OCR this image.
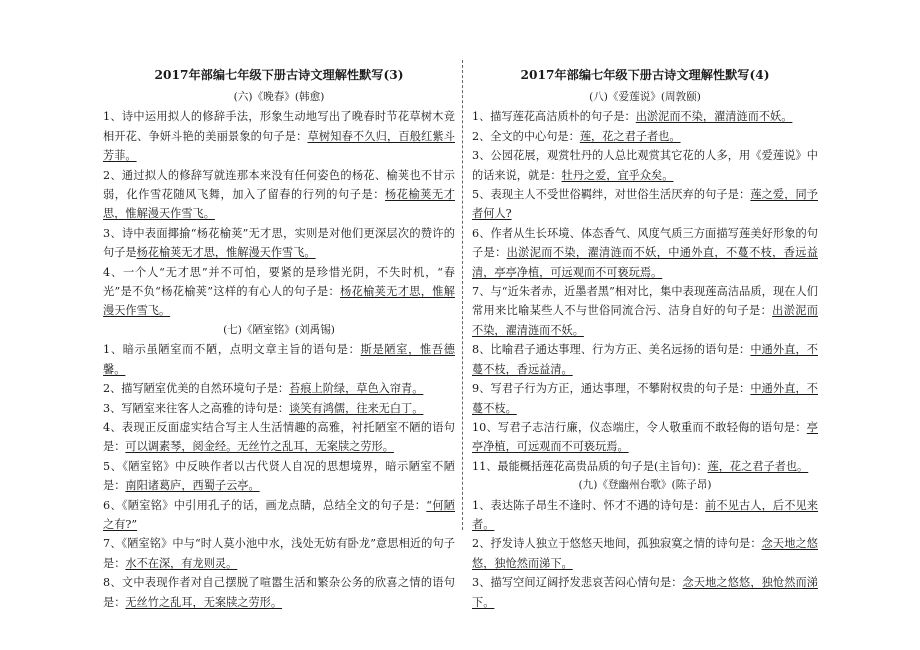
2017年部编七年级下册古诗文理解性默写(3)

(六)《晚春》(韩愈)

1、诗中运用拟人的修辞手法，形象生动地写出了晚春时节花草树木竞相开花、争妍斗艳的美丽景象的句子是：草树知春不久归，百般红紫斗芳菲。

2、通过拟人的修辞写就连那本来没有任何姿色的杨花、榆荚也不甘示弱，化作雪花随风飞舞，加入了留春的行列的句子是：杨花榆荚无才思，惟解漫天作雪飞。

3、诗中表面揶揄“杨花榆荚”无才思，实则是对他们更深层次的赞许的句子是杨花榆荚无才思，惟解漫天作雪飞。

4、一个人“无才思”并不可怕，要紧的是珍惜光阴，不失时机，“春光”是不负“杨花榆荚”这样的有心人的句子是：杨花榆荚无才思，惟解漫天作雪飞。

(七)《陋室铭》(刘禹锡)

1、暗示虽陋室而不陋，点明文章主旨的语句是：斯是陋室，惟吾德馨。

2、描写陋室优美的自然环境句子是：苔痕上阶绿，草色入帘青。

3、写陋室来往客人之高雅的诗句是：谈笑有鸿儒，往来无白丁。

4、表现正反面虚实结合写主人生活情趣的高雅，衬托陋室不陋的语句是：可以调素琴，阅金经。无丝竹之乱耳，无案牍之劳形。

5、《陋室铭》中反映作者以古代贤人自况的思想境界，暗示陋室不陋是：南阳诸葛庐，西蜀子云亭。

6、《陋室铭》中引用孔子的话，画龙点睛，总结全文的句子是：“何陋之有?”

7、《陋室铭》中与“时人莫小池中水，浅处无妨有卧龙”意思相近的句子是：水不在深，有龙则灵。

8、文中表现作者对自己摆脱了喧嚣生活和繁杂公务的欣喜之情的语句是：无丝竹之乱耳，无案牍之劳形。

2017年部编七年级下册古诗文理解性默写(4)

(八)《爱莲说》(周敦颐)

1、描写莲花高洁质朴的句子是：出淤泥而不染，濯清涟而不妖。

2、全文的中心句是：莲，花之君子者也。

3、公园花展，观赏牡丹的人总比观赏其它花的人多，用《爱莲说》中的话来说，就是：牡丹之爱，宜乎众矣。

5、表现主人不受世俗羁绊，对世俗生活厌弃的句子是：莲之爱，同予者何人?

6、作者从生长环境、体态香气、风度气质三方面描写莲美好形象的句子是：出淤泥而不染，濯清涟而不妖，中通外直，不蔓不枝，香远益清，亭亭净植，可远观而不可亵玩焉。

7、与“近朱者赤，近墨者黑”相对比，集中表现莲高洁品质，现在人们常用来比喻某些人不与世俗同流合污、洁身自好的句子是：出淤泥而不染，濯清涟而不妖。

8、比喻君子通达事理、行为方正、美名远扬的语句是：中通外直，不蔓不枝，香远益清。

9、写君子行为方正，通达事理，不攀附权贵的句子是：中通外直，不蔓不枝。

10、写君子志洁行廉，仪态端庄，令人敬重而不敢轻侮的语句是：亭亭净植，可远观而不可亵玩焉。

11、最能概括莲花高贵品质的句子是(主旨句)：莲，花之君子者也。

(九)《登幽州台歌》(陈子昂)

1、表达陈子昂生不逢时、怀才不遇的诗句是：前不见古人，后不见来者。

2、抒发诗人独立于悠悠天地间，孤独寂寞之情的诗句是：念天地之悠悠，独怆然而涕下。

3、描写空间辽阔抒发悲哀苦闷心情句是：念天地之悠悠，独怆然而涕下。
